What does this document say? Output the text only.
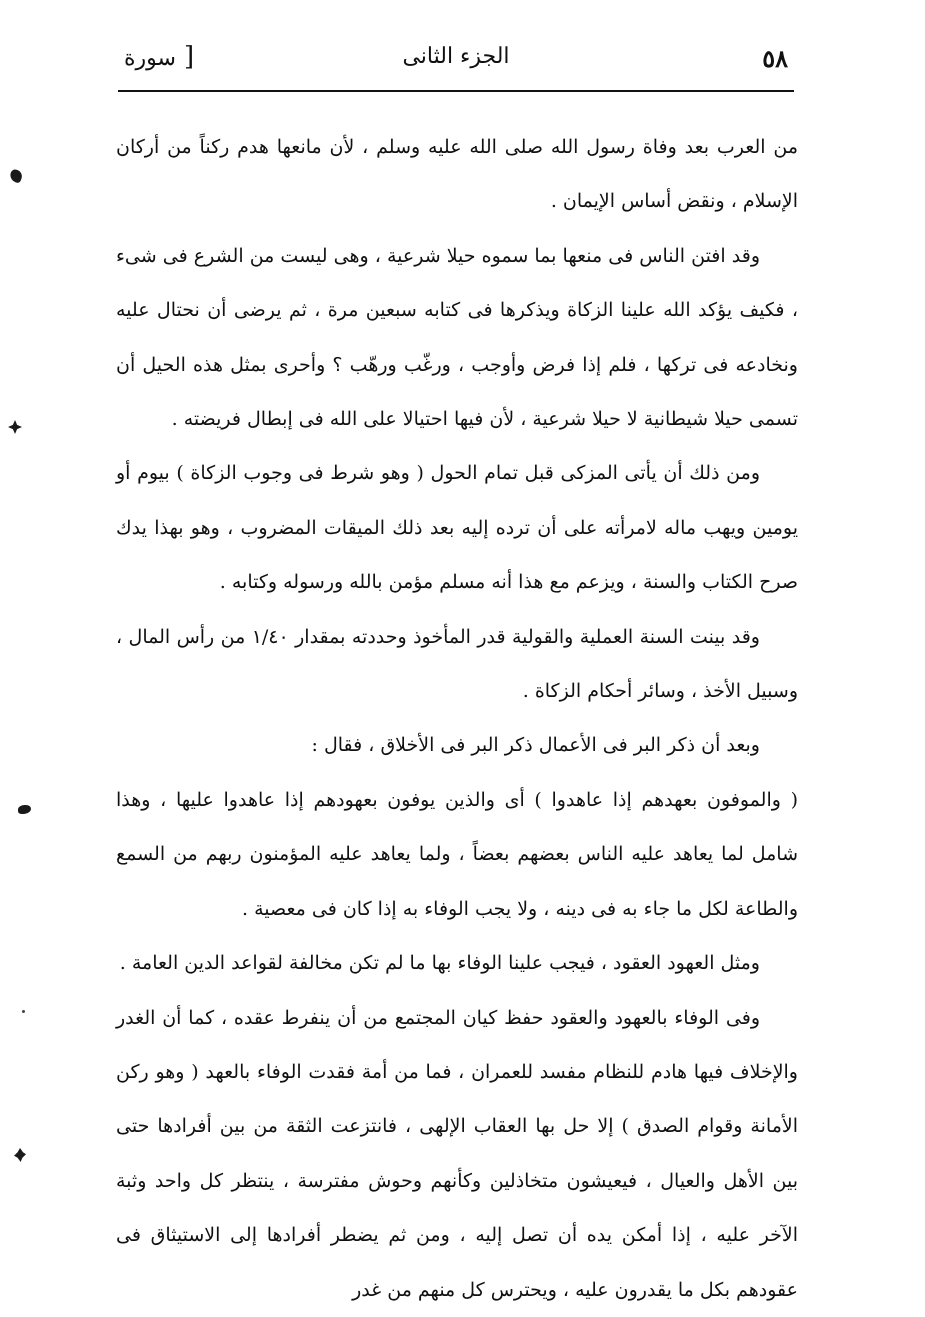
٥٨
الجزء الثانى
[سورة

من العرب بعد وفاة رسول الله صلى الله عليه وسلم ، لأن مانعها هدم ركناً من أركان الإسلام ، ونقض أساس الإيمان .

وقد افتن الناس فى منعها بما سموه حيلا شرعية ، وهى ليست من الشرع فى شىء ، فكيف يؤكد الله علينا الزكاة ويذكرها فى كتابه سبعين مرة ، ثم يرضى أن نحتال عليه ونخادعه فى تركها ، فلم إذا فرض وأوجب ، ورغّب ورهّب ؟ وأحرى بمثل هذه الحيل أن تسمى حيلا شيطانية لا حيلا شرعية ، لأن فيها احتيالا على الله فى إبطال فريضته .

ومن ذلك أن يأتى المزكى قبل تمام الحول ( وهو شرط فى وجوب الزكاة ) بيوم أو يومين ويهب ماله لامرأته على أن ترده إليه بعد ذلك الميقات المضروب ، وهو بهذا يدك صرح الكتاب والسنة ، ويزعم مع هذا أنه مسلم مؤمن بالله ورسوله وكتابه .

وقد بينت السنة العملية والقولية قدر المأخوذ وحددته بمقدار ١/٤٠ من رأس المال ، وسبيل الأخذ ، وسائر أحكام الزكاة .

وبعد أن ذكر البر فى الأعمال ذكر البر فى الأخلاق ، فقال :

( والموفون بعهدهم إذا عاهدوا ) أى والذين يوفون بعهودهم إذا عاهدوا عليها ، وهذا شامل لما يعاهد عليه الناس بعضهم بعضاً ، ولما يعاهد عليه المؤمنون ربهم من السمع والطاعة لكل ما جاء به فى دينه ، ولا يجب الوفاء به إذا كان فى معصية .

ومثل العهود العقود ، فيجب علينا الوفاء بها ما لم تكن مخالفة لقواعد الدين العامة .

وفى الوفاء بالعهود والعقود حفظ كيان المجتمع من أن ينفرط عقده ، كما أن الغدر والإخلاف فيها هادم للنظام مفسد للعمران ، فما من أمة فقدت الوفاء بالعهد ( وهو ركن الأمانة وقوام الصدق ) إلا حل بها العقاب الإلهى ، فانتزعت الثقة من بين أفرادها حتى بين الأهل والعيال ، فيعيشون متخاذلين وكأنهم وحوش مفترسة ، ينتظر كل واحد وثبة الآخر عليه ، إذا أمكن يده أن تصل إليه ، ومن ثم يضطر أفرادها إلى الاستيثاق فى عقودهم بكل ما يقدرون عليه ، ويحترس كل منهم من غدر
